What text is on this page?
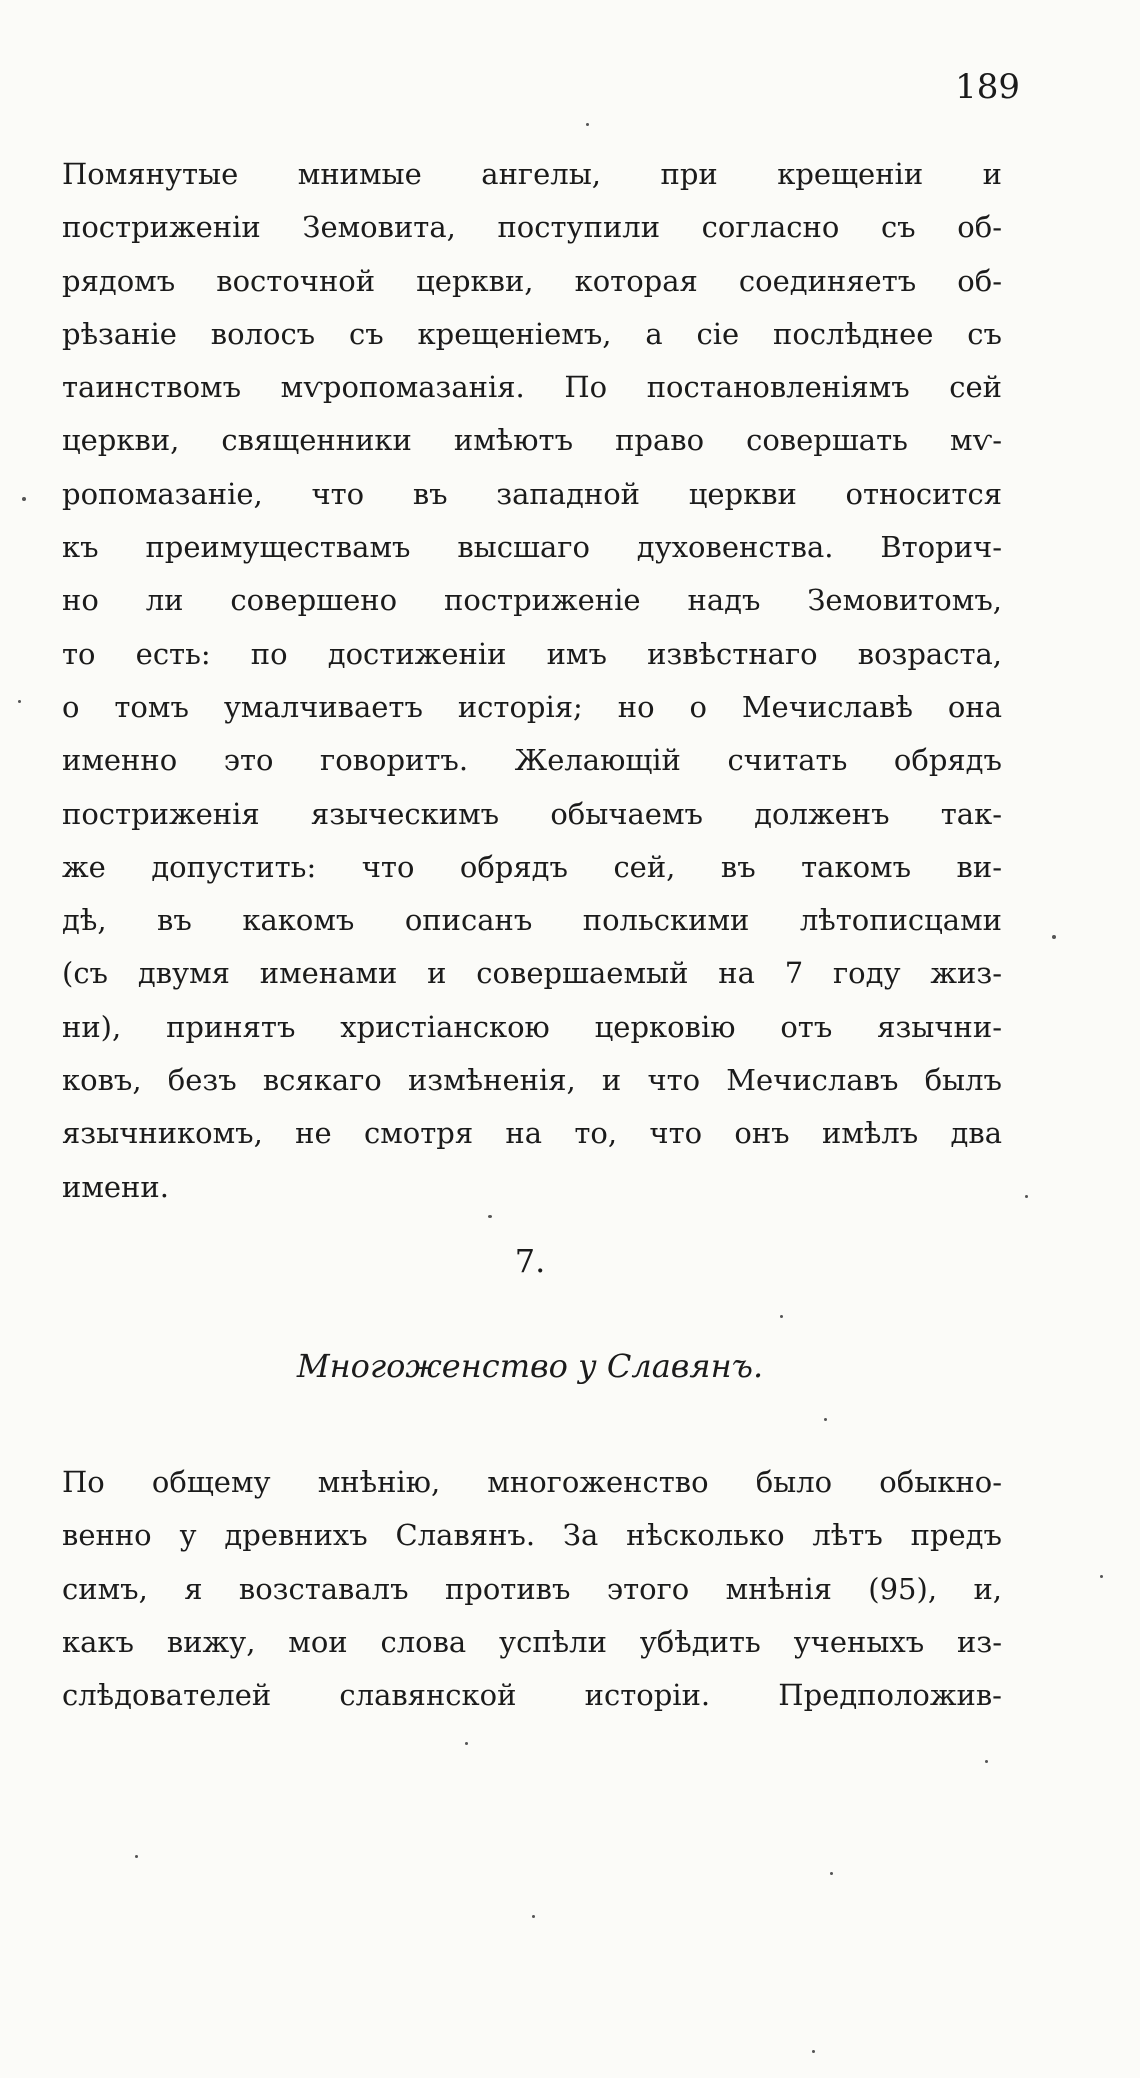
189
Помянутые мнимые ангелы, при крещеніи и
постриженіи Земовита, поступили согласно съ об-
рядомъ восточной церкви, которая соединяетъ об-
рѣзаніе волосъ съ крещеніемъ, а сіе послѣднее съ
таинствомъ мѵропомазанія. По постановленіямъ сей
церкви, священники имѣютъ право совершать мѵ-
ропомазаніе, что въ западной церкви относится
къ преимуществамъ высшаго духовенства. Вторич-
но ли совершено постриженіе надъ Земовитомъ,
то есть: по достиженіи имъ извѣстнаго возраста,
о томъ умалчиваетъ исторія; но о Мечиславѣ она
именно это говоритъ. Желающій считать обрядъ
постриженія языческимъ обычаемъ долженъ так-
же допустить: что обрядъ сей, въ такомъ ви-
дѣ, въ какомъ описанъ польскими лѣтописцами
(съ двумя именами и совершаемый на 7 году жиз-
ни), принятъ христіанскою церковію отъ язычни-
ковъ, безъ всякаго измѣненія, и что Мечиславъ былъ
язычникомъ, не смотря на то, что онъ имѣлъ два
имени.
7.
Многоженство у Славянъ.
По общему мнѣнію, многоженство было обыкно-
венно у древнихъ Славянъ. За нѣсколько лѣтъ предъ
симъ, я возставалъ противъ этого мнѣнія (95), и,
какъ вижу, мои слова успѣли убѣдить ученыхъ из-
слѣдователей славянской исторіи. Предположив-
